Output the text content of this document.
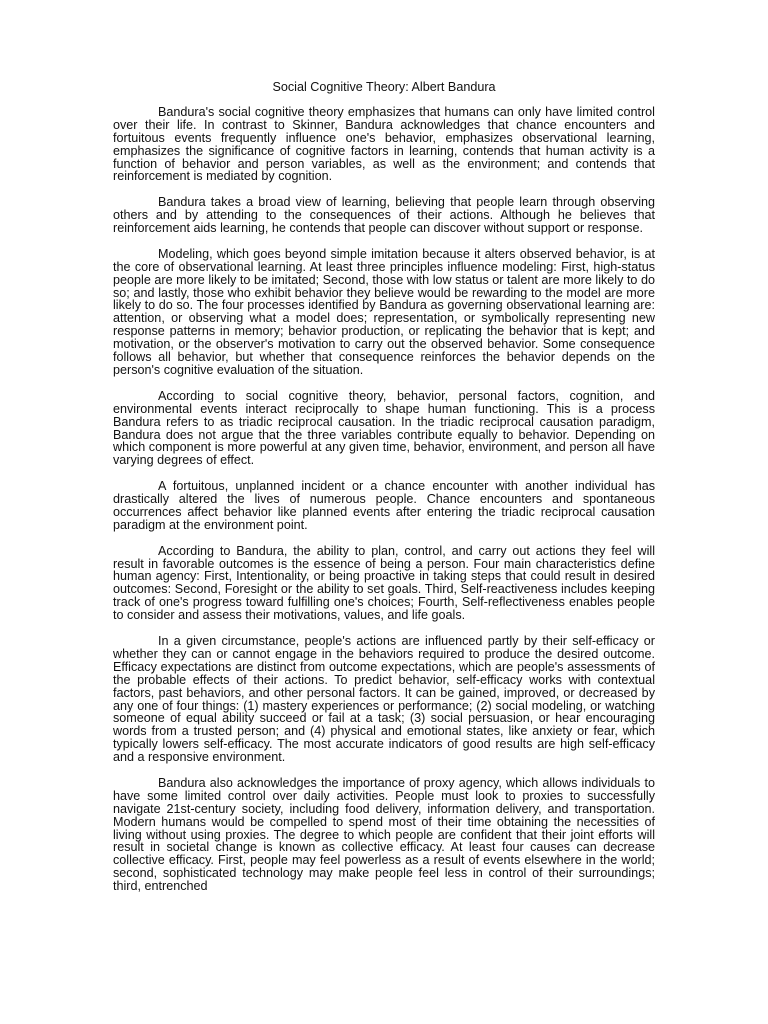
Social Cognitive Theory: Albert Bandura

Bandura's social cognitive theory emphasizes that humans can only have limited control over their life. In contrast to Skinner, Bandura acknowledges that chance encounters and fortuitous events frequently influence one's behavior, emphasizes observational learning, emphasizes the significance of cognitive factors in learning, contends that human activity is a function of behavior and person variables, as well as the environment; and contends that reinforcement is mediated by cognition.

Bandura takes a broad view of learning, believing that people learn through observing others and by attending to the consequences of their actions. Although he believes that reinforcement aids learning, he contends that people can discover without support or response.

Modeling, which goes beyond simple imitation because it alters observed behavior, is at the core of observational learning. At least three principles influence modeling: First, high-status people are more likely to be imitated; Second, those with low status or talent are more likely to do so; and lastly, those who exhibit behavior they believe would be rewarding to the model are more likely to do so. The four processes identified by Bandura as governing observational learning are: attention, or observing what a model does; representation, or symbolically representing new response patterns in memory; behavior production, or replicating the behavior that is kept; and motivation, or the observer's motivation to carry out the observed behavior. Some consequence follows all behavior, but whether that consequence reinforces the behavior depends on the person's cognitive evaluation of the situation.

According to social cognitive theory, behavior, personal factors, cognition, and environmental events interact reciprocally to shape human functioning. This is a process Bandura refers to as triadic reciprocal causation. In the triadic reciprocal causation paradigm, Bandura does not argue that the three variables contribute equally to behavior. Depending on which component is more powerful at any given time, behavior, environment, and person all have varying degrees of effect.

A fortuitous, unplanned incident or a chance encounter with another individual has drastically altered the lives of numerous people. Chance encounters and spontaneous occurrences affect behavior like planned events after entering the triadic reciprocal causation paradigm at the environment point.

According to Bandura, the ability to plan, control, and carry out actions they feel will result in favorable outcomes is the essence of being a person. Four main characteristics define human agency: First, Intentionality, or being proactive in taking steps that could result in desired outcomes: Second, Foresight or the ability to set goals. Third, Self-reactiveness includes keeping track of one's progress toward fulfilling one's choices; Fourth, Self-reflectiveness enables people to consider and assess their motivations, values, and life goals.

In a given circumstance, people's actions are influenced partly by their self-efficacy or whether they can or cannot engage in the behaviors required to produce the desired outcome. Efficacy expectations are distinct from outcome expectations, which are people's assessments of the probable effects of their actions. To predict behavior, self-efficacy works with contextual factors, past behaviors, and other personal factors. It can be gained, improved, or decreased by any one of four things: (1) mastery experiences or performance; (2) social modeling, or watching someone of equal ability succeed or fail at a task; (3) social persuasion, or hear encouraging words from a trusted person; and (4) physical and emotional states, like anxiety or fear, which typically lowers self-efficacy. The most accurate indicators of good results are high self-efficacy and a responsive environment.

Bandura also acknowledges the importance of proxy agency, which allows individuals to have some limited control over daily activities. People must look to proxies to successfully navigate 21st-century society, including food delivery, information delivery, and transportation. Modern humans would be compelled to spend most of their time obtaining the necessities of living without using proxies. The degree to which people are confident that their joint efforts will result in societal change is known as collective efficacy. At least four causes can decrease collective efficacy. First, people may feel powerless as a result of events elsewhere in the world; second, sophisticated technology may make people feel less in control of their surroundings; third, entrenched
